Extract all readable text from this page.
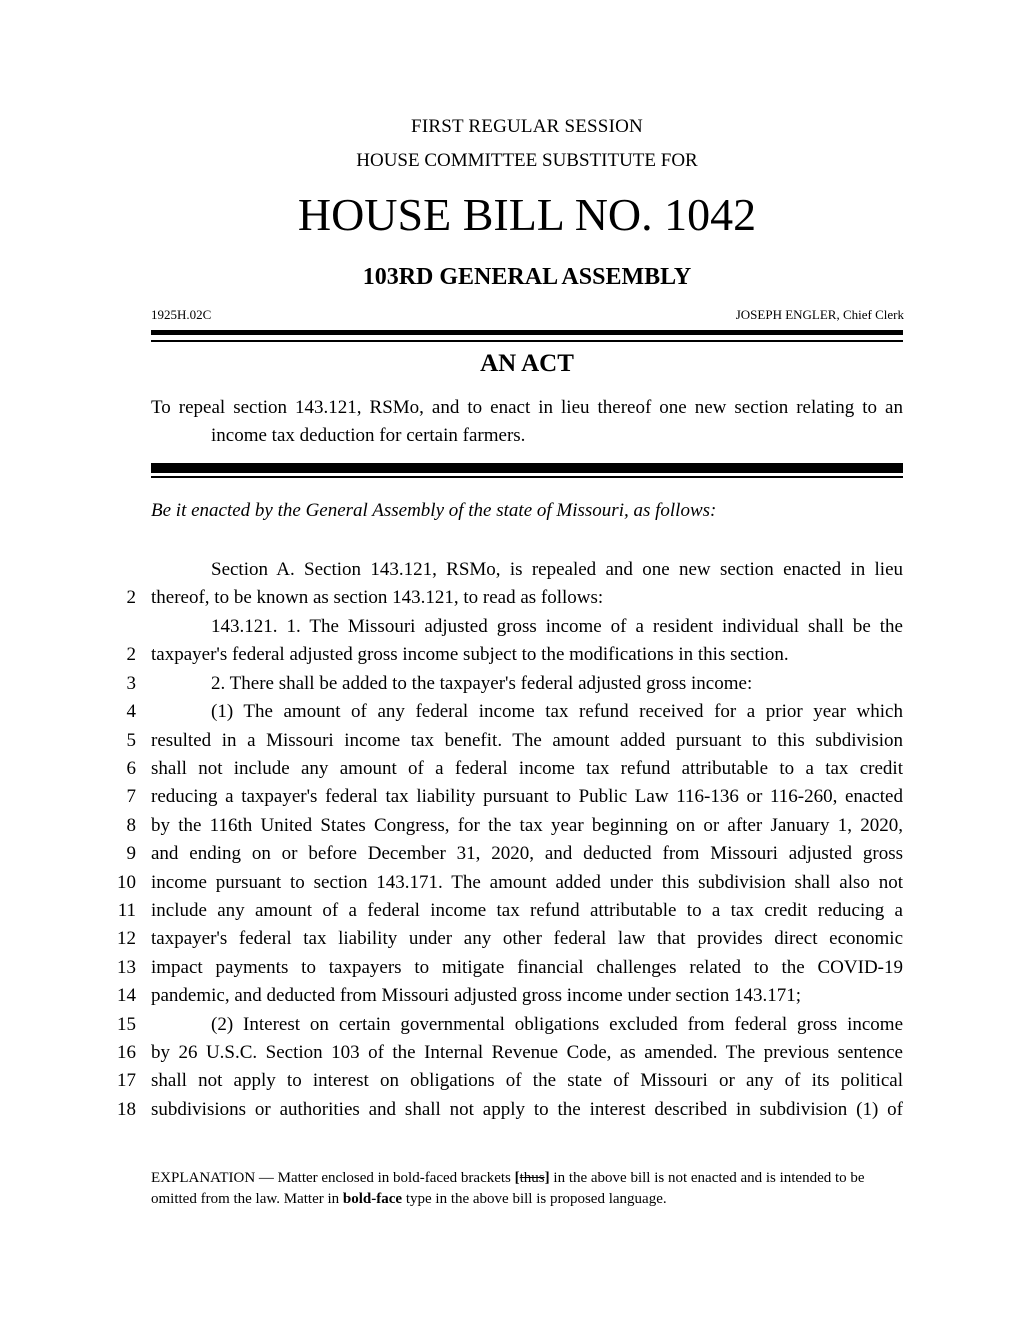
FIRST REGULAR SESSION
HOUSE COMMITTEE SUBSTITUTE FOR
HOUSE BILL NO. 1042
103RD GENERAL ASSEMBLY
1925H.02C	JOSEPH ENGLER, Chief Clerk
AN ACT
To repeal section 143.121, RSMo, and to enact in lieu thereof one new section relating to an
income tax deduction for certain farmers.
Be it enacted by the General Assembly of the state of Missouri, as follows:
Section A. Section 143.121, RSMo, is repealed and one new section enacted in lieu
2 thereof, to be known as section 143.121, to read as follows:
143.121. 1. The Missouri adjusted gross income of a resident individual shall be the
2 taxpayer's federal adjusted gross income subject to the modifications in this section.
3	2. There shall be added to the taxpayer's federal adjusted gross income:
4	(1) The amount of any federal income tax refund received for a prior year which
5 resulted in a Missouri income tax benefit. The amount added pursuant to this subdivision
6 shall not include any amount of a federal income tax refund attributable to a tax credit
7 reducing a taxpayer's federal tax liability pursuant to Public Law 116-136 or 116-260, enacted
8 by the 116th United States Congress, for the tax year beginning on or after January 1, 2020,
9 and ending on or before December 31, 2020, and deducted from Missouri adjusted gross
10 income pursuant to section 143.171. The amount added under this subdivision shall also not
11 include any amount of a federal income tax refund attributable to a tax credit reducing a
12 taxpayer's federal tax liability under any other federal law that provides direct economic
13 impact payments to taxpayers to mitigate financial challenges related to the COVID-19
14 pandemic, and deducted from Missouri adjusted gross income under section 143.171;
15	(2) Interest on certain governmental obligations excluded from federal gross income
16 by 26 U.S.C. Section 103 of the Internal Revenue Code, as amended. The previous sentence
17 shall not apply to interest on obligations of the state of Missouri or any of its political
18 subdivisions or authorities and shall not apply to the interest described in subdivision (1) of
EXPLANATION — Matter enclosed in bold-faced brackets [thus] in the above bill is not enacted and is intended to be omitted from the law. Matter in bold-face type in the above bill is proposed language.
